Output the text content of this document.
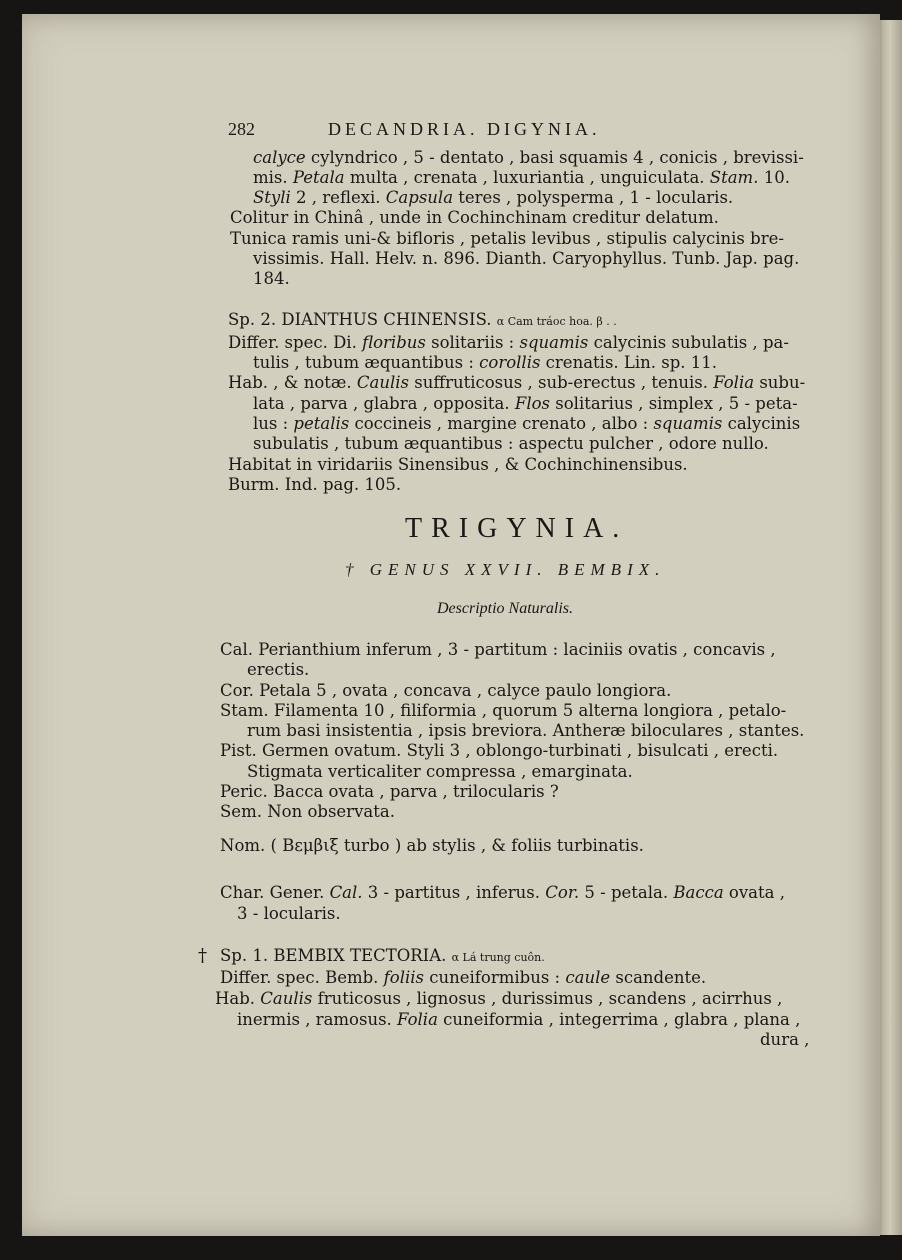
282	DECANDRIA. DIGYNIA.
calyce cylyndrico , 5 - dentato , basi squamis 4 , conicis , brevissi-
mis. Petala multa , crenata , luxuriantia , unguiculata. Stam. 10.
Styli 2 , reflexi. Capsula teres , polysperma , 1 - locularis.
Colitur in Chinâ , unde in Cochinchinam creditur delatum.
Tunica ramis uni-& bifloris , petalis levibus , stipulis calycinis bre-
vissimis. Hall. Helv. n. 896. Dianth. Caryophyllus. Tunb. Jap. pag.
184.
Sp. 2. DIANTHUS CHINENSIS. α Cam tráoc hoa. β . .
Differ. spec. Di. floribus solitariis : squamis calycinis subulatis , pa-
tulis , tubum æquantibus : corollis crenatis. Lin. sp. 11.
Hab. , & notæ. Caulis suffruticosus , sub-erectus , tenuis. Folia subu-
lata , parva , glabra , opposita. Flos solitarius , simplex , 5 - peta-
lus : petalis coccineis , margine crenato , albo : squamis calycinis
subulatis , tubum æquantibus : aspectu pulcher , odore nullo.
Habitat in viridariis Sinensibus , & Cochinchinensibus.
Burm. Ind. pag. 105.
TRIGYNIA.
† GENUS XXVII. BEMBIX.
Descriptio Naturalis.
Cal. Perianthium inferum , 3 - partitum : laciniis ovatis , concavis ,
erectis.
Cor. Petala 5 , ovata , concava , calyce paulo longiora.
Stam. Filamenta 10 , filiformia , quorum 5 alterna longiora , petalo-
rum basi insistentia , ipsis breviora. Antheræ biloculares , stantes.
Pist. Germen ovatum. Styli 3 , oblongo-turbinati , bisulcati , erecti.
Stigmata verticaliter compressa , emarginata.
Peric. Bacca ovata , parva , trilocularis ?
Sem. Non observata.
Nom. ( Βεμβιξ turbo ) ab stylis , & foliis turbinatis.
Char. Gener. Cal. 3 - partitus , inferus. Cor. 5 - petala. Bacca ovata ,
3 - locularis.
† Sp. 1. BEMBIX TECTORIA. α Lá trung cuôn.
Differ. spec. Bemb. foliis cuneiformibus : caule scandente.
Hab. Caulis fruticosus , lignosus , durissimus , scandens , acirrhus ,
inermis , ramosus. Folia cuneiformia , integerrima , glabra , plana ,
dura ,
